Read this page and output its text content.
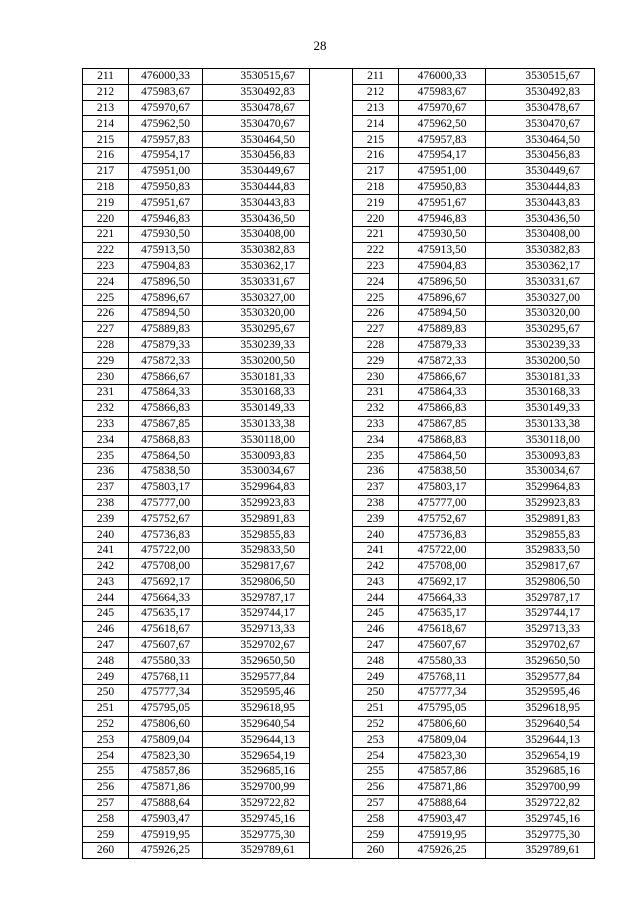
28
211	476000,33	3530515,67		211	476000,33	3530515,67
212	475983,67	3530492,83		212	475983,67	3530492,83
213	475970,67	3530478,67		213	475970,67	3530478,67
214	475962,50	3530470,67		214	475962,50	3530470,67
215	475957,83	3530464,50		215	475957,83	3530464,50
216	475954,17	3530456,83		216	475954,17	3530456,83
217	475951,00	3530449,67		217	475951,00	3530449,67
218	475950,83	3530444,83		218	475950,83	3530444,83
219	475951,67	3530443,83		219	475951,67	3530443,83
220	475946,83	3530436,50		220	475946,83	3530436,50
221	475930,50	3530408,00		221	475930,50	3530408,00
222	475913,50	3530382,83		222	475913,50	3530382,83
223	475904,83	3530362,17		223	475904,83	3530362,17
224	475896,50	3530331,67		224	475896,50	3530331,67
225	475896,67	3530327,00		225	475896,67	3530327,00
226	475894,50	3530320,00		226	475894,50	3530320,00
227	475889,83	3530295,67		227	475889,83	3530295,67
228	475879,33	3530239,33		228	475879,33	3530239,33
229	475872,33	3530200,50		229	475872,33	3530200,50
230	475866,67	3530181,33		230	475866,67	3530181,33
231	475864,33	3530168,33		231	475864,33	3530168,33
232	475866,83	3530149,33		232	475866,83	3530149,33
233	475867,85	3530133,38		233	475867,85	3530133,38
234	475868,83	3530118,00		234	475868,83	3530118,00
235	475864,50	3530093,83		235	475864,50	3530093,83
236	475838,50	3530034,67		236	475838,50	3530034,67
237	475803,17	3529964,83		237	475803,17	3529964,83
238	475777,00	3529923,83		238	475777,00	3529923,83
239	475752,67	3529891,83		239	475752,67	3529891,83
240	475736,83	3529855,83		240	475736,83	3529855,83
241	475722,00	3529833,50		241	475722,00	3529833,50
242	475708,00	3529817,67		242	475708,00	3529817,67
243	475692,17	3529806,50		243	475692,17	3529806,50
244	475664,33	3529787,17		244	475664,33	3529787,17
245	475635,17	3529744,17		245	475635,17	3529744,17
246	475618,67	3529713,33		246	475618,67	3529713,33
247	475607,67	3529702,67		247	475607,67	3529702,67
248	475580,33	3529650,50		248	475580,33	3529650,50
249	475768,11	3529577,84		249	475768,11	3529577,84
250	475777,34	3529595,46		250	475777,34	3529595,46
251	475795,05	3529618,95		251	475795,05	3529618,95
252	475806,60	3529640,54		252	475806,60	3529640,54
253	475809,04	3529644,13		253	475809,04	3529644,13
254	475823,30	3529654,19		254	475823,30	3529654,19
255	475857,86	3529685,16		255	475857,86	3529685,16
256	475871,86	3529700,99		256	475871,86	3529700,99
257	475888,64	3529722,82		257	475888,64	3529722,82
258	475903,47	3529745,16		258	475903,47	3529745,16
259	475919,95	3529775,30		259	475919,95	3529775,30
260	475926,25	3529789,61		260	475926,25	3529789,61
